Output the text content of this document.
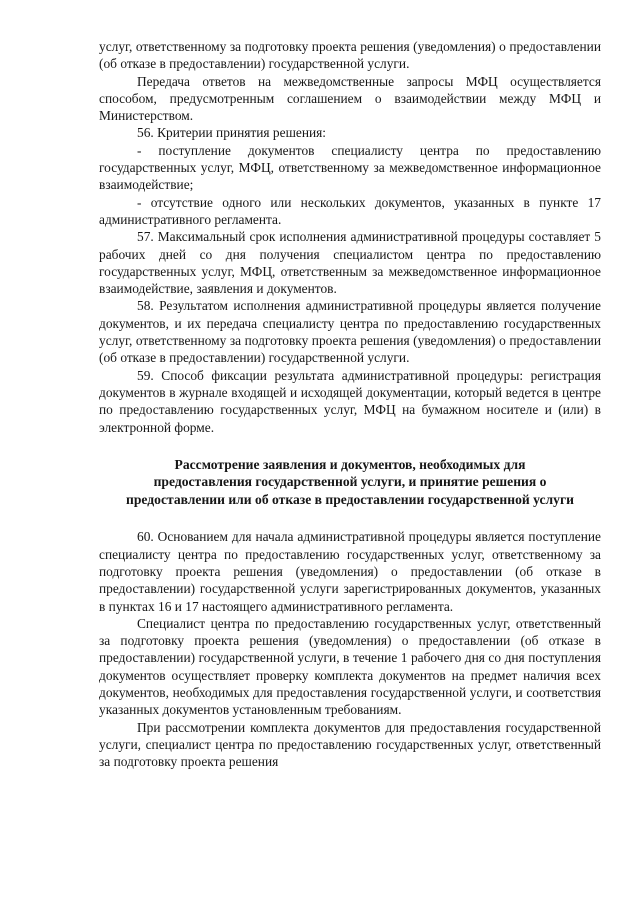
услуг, ответственному за подготовку проекта решения (уведомления) о предоставлении (об отказе в предоставлении) государственной услуги.

Передача ответов на межведомственные запросы МФЦ осуществляется способом, предусмотренным соглашением о взаимодействии между МФЦ и Министерством.

56. Критерии принятия решения:

- поступление документов специалисту центра по предоставлению государственных услуг, МФЦ, ответственному за межведомственное информационное взаимодействие;

- отсутствие одного или нескольких документов, указанных в пункте 17 административного регламента.

57. Максимальный срок исполнения административной процедуры составляет 5 рабочих дней со дня получения специалистом центра по предоставлению государственных услуг, МФЦ, ответственным за межведомственное информационное взаимодействие, заявления и документов.

58. Результатом исполнения административной процедуры является получение документов, и их передача специалисту центра по предоставлению государственных услуг, ответственному за подготовку проекта решения (уведомления) о предоставлении (об отказе в предоставлении) государственной услуги.

59. Способ фиксации результата административной процедуры: регистрация документов в журнале входящей и исходящей документации, который ведется в центре по предоставлению государственных услуг, МФЦ на бумажном носителе и (или) в электронной форме.

Рассмотрение заявления и документов, необходимых для
предоставления государственной услуги, и принятие решения о
предоставлении или об отказе в предоставлении государственной услуги

60. Основанием для начала административной процедуры является поступление специалисту центра по предоставлению государственных услуг, ответственному за подготовку проекта решения (уведомления) о предоставлении (об отказе в предоставлении) государственной услуги зарегистрированных документов, указанных в пунктах 16 и 17 настоящего административного регламента.

Специалист центра по предоставлению государственных услуг, ответственный за подготовку проекта решения (уведомления) о предоставлении (об отказе в предоставлении) государственной услуги, в течение 1 рабочего дня со дня поступления документов осуществляет проверку комплекта документов на предмет наличия всех документов, необходимых для предоставления государственной услуги, и соответствия указанных документов установленным требованиям.

При рассмотрении комплекта документов для предоставления государственной услуги, специалист центра по предоставлению государственных услуг, ответственный за подготовку проекта решения
